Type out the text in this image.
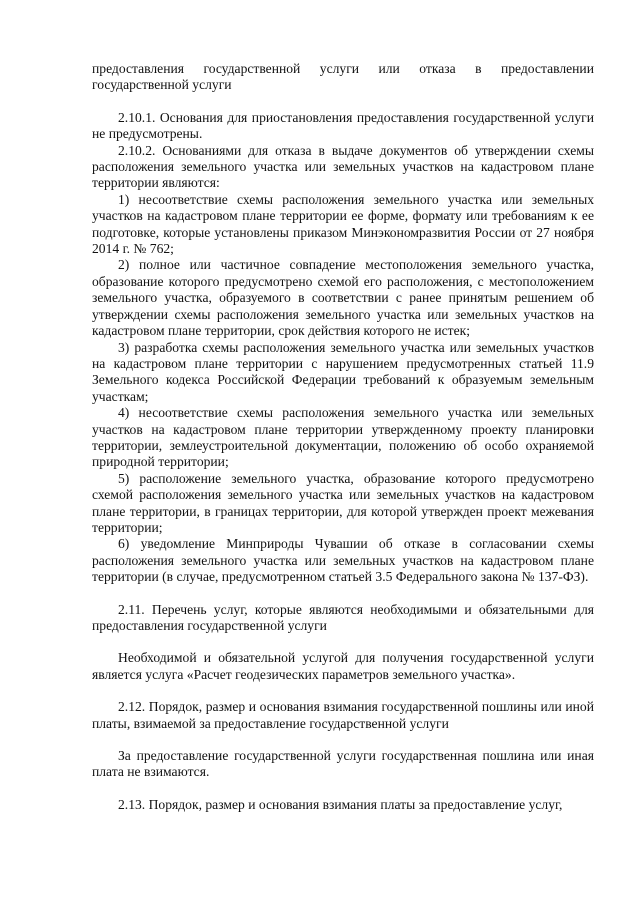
предоставления государственной услуги или отказа в предоставлении государственной услуги

2.10.1. Основания для приостановления предоставления государственной услуги не предусмотрены.

2.10.2. Основаниями для отказа в выдаче документов об утверждении схемы расположения земельного участка или земельных участков на кадастровом плане территории являются:

1) несоответствие схемы расположения земельного участка или земельных участков на кадастровом плане территории ее форме, формату или требованиям к ее подготовке, которые установлены приказом Минэкономразвития России от 27 ноября 2014 г. № 762;

2) полное или частичное совпадение местоположения земельного участка, образование которого предусмотрено схемой его расположения, с местоположением земельного участка, образуемого в соответствии с ранее принятым решением об утверждении схемы расположения земельного участка или земельных участков на кадастровом плане территории, срок действия которого не истек;

3) разработка схемы расположения земельного участка или земельных участков на кадастровом плане территории с нарушением предусмотренных статьей 11.9 Земельного кодекса Российской Федерации требований к образуемым земельным участкам;

4) несоответствие схемы расположения земельного участка или земельных участков на кадастровом плане территории утвержденному проекту планировки территории, землеустроительной документации, положению об особо охраняемой природной территории;

5) расположение земельного участка, образование которого предусмотрено схемой расположения земельного участка или земельных участков на кадастровом плане территории, в границах территории, для которой утвержден проект межевания территории;

6) уведомление Минприроды Чувашии об отказе в согласовании схемы расположения земельного участка или земельных участков на кадастровом плане территории (в случае, предусмотренном статьей 3.5 Федерального закона № 137-ФЗ).

2.11. Перечень услуг, которые являются необходимыми и обязательными для предоставления государственной услуги

Необходимой и обязательной услугой для получения государственной услуги является услуга «Расчет геодезических параметров земельного участка».

2.12. Порядок, размер и основания взимания государственной пошлины или иной платы, взимаемой за предоставление государственной услуги

За предоставление государственной услуги государственная пошлина или иная плата не взимаются.

2.13. Порядок, размер и основания взимания платы за предоставление услуг,
